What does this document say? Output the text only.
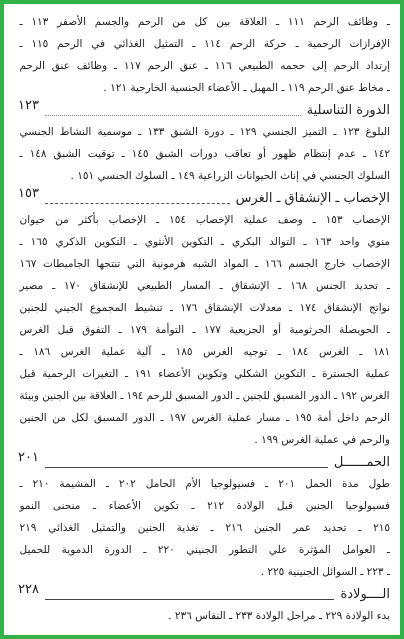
ـ وظائف الرحم ١١١ ـ العلاقة بين كل من الرحم والجسم الأصفر ١١٣ ـ
الإفرازات الرحمية ـ حركة الرحم ١١٤ ـ التمثيل الغذائي في الرحم ١١٥ ـ
إرتداد الرحم إلى حجمه الطبيعي ١١٦ ـ عنق الرحم ١١٧ ـ وظائف عنق الرحم
ـ مخاط عنق الرحم ١١٩ ـ المهبل ـ الأعضاء الجنسية الخارجية ١٢١ .
الدورة التناسلية
١٢٣
البلوغ ١٢٣ ـ التميز الجنسي ١٢٩ ـ دورة الشبق ١٣٣ ـ موسمية النشاط الجنسي
١٤٢ ـ عدم إنتظام ظهور أو تعاقب دورات الشبق ١٤٥ ـ توقيت الشبق ١٤٨ ـ
السلوك الجنسي في إناث الحيوانات الزراعية ١٤٩ ـ السلوك الجنسي ١٥١ .
الإخصاب ـ الإنشقاق ـ الغرس
١٥٣
الإخصاب ١٥٣ ـ وصف عملية الإخصاب ١٥٤ ـ الإخصاب بأكثر من حيوان
منوي واحد ١٦٣ ـ التوالد البكري ـ التكوين الأنثوي ـ التكوين الذكري ١٦٥ ـ
الإخصاب خارج الجسم ١٦٦ ـ المواد الشبه هرمونية التي تنتجها الجاميطات ١٦٧
ـ تحديد الجنس ١٦٨ ـ الإنشقاق ـ المسار الطبيعي للإنشقاق ١٧٠ ـ مصير
نواتج الإنشقاق ١٧٤ ـ معدلات الإنشقاق ١٧٦ ـ تنشيط المجموع الجيني للجنين
ـ الحويصلة الجرثومية أو الجزيعية ١٧٧ ـ التوأمة ١٧٩ ـ التفوق قبل الغرس
١٨١ ـ الغرس ١٨٤ ـ توجيه الغرس ١٨٥ ـ آلية عملية الغرس ١٨٦ ـ
عملية الجسترة ـ التكوين الشكلي وتكوين الأعضاء ١٩١ ـ التغيرات الرحمية قبل
الغرس ١٩٢ ـ الدور المسبق للجنين ـ الدور المسبق للرحم ١٩٤ ـ العلاقة بين الجنين وبيئة
الرحم داخل أمة ١٩٥ ـ مسار عملية الغرس ١٩٧ ـ الدور المسبق لكل من الجنين
والرحم في عملية الغرس ١٩٩ .
الحمــــــل
٢٠١
طول مدة الحمل ٢٠١ ـ فسيولوجيا الأم الحامل ٢٠٢ ـ المشيمة ٢١٠ ـ
فسيولوجيا الجنين قبل الولادة ٢١٢ ـ تكوين الأعضاء ـ منحنى النمو
٢١٥ ـ تحديد عمر الجنين ٢١٦ ـ تغذية الجنين والتمثيل الغذائي ٢١٩
ـ العوامل المؤثرة علي التطور الجنيني ٢٢٠ ـ الدورة الدموية للحميل
ـ ٢٢٣ ـ السوائل الجنينية ٢٢٥ .
الــــولادة
٢٢٨
بدء الولادة ٢٢٩ ـ مراحل الولادة ٢٣٣ ـ النفاس ٢٣٦ .
